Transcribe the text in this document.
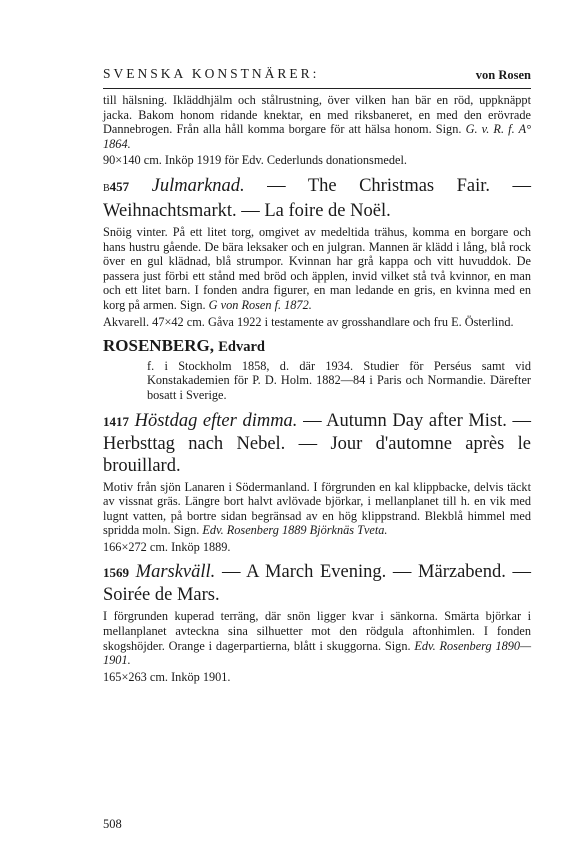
SVENSKA KONSTNÄRER:	von Rosen

till hälsning. Ikläddhjälm och stålrustning, över vilken han bär en röd, uppknäppt jacka. Bakom honom ridande knektar, en med riksbaneret, en med den erövrade Dannebrogen. Från alla håll komma borgare för att hälsa honom. Sign. G. v. R. f. A° 1864.

90×140 cm. Inköp 1919 för Edv. Cederlunds donationsmedel.

B457 Julmarknad. — The Christmas Fair. — Weihnachtsmarkt. — La foire de Noël.

Snöig vinter. På ett litet torg, omgivet av medeltida trähus, komma en borgare och hans hustru gående. De bära leksaker och en julgran. Mannen är klädd i lång, blå rock över en gul klädnad, blå strumpor. Kvinnan har grå kappa och vitt huvuddok. De passera just förbi ett stånd med bröd och äpplen, invid vilket stå två kvinnor, en man och ett litet barn. I fonden andra figurer, en man ledande en gris, en kvinna med en korg på armen. Sign. G von Rosen f. 1872.

Akvarell. 47×42 cm. Gåva 1922 i testamente av grosshandlare och fru E. Österlind.

ROSENBERG, Edvard

f. i Stockholm 1858, d. där 1934. Studier för Perséus samt vid Konstakademien för P. D. Holm. 1882—84 i Paris och Normandie. Därefter bosatt i Sverige.

1417 Höstdag efter dimma. — Autumn Day after Mist. — Herbsttag nach Nebel. — Jour d'automne après le brouillard.

Motiv från sjön Lanaren i Södermanland. I förgrunden en kal klippbacke, delvis täckt av vissnat gräs. Längre bort halvt avlövade björkar, i mellanplanet till h. en vik med lugnt vatten, på bortre sidan begränsad av en hög klippstrand. Blekblå himmel med spridda moln. Sign. Edv. Rosenberg 1889 Björknäs Tveta.

166×272 cm. Inköp 1889.

1569 Marskväll. — A March Evening. — Märzabend. — Soirée de Mars.

I förgrunden kuperad terräng, där snön ligger kvar i sänkorna. Smärta björkar i mellanplanet avteckna sina silhuetter mot den rödgula aftonhimlen. I fonden skogshöjder. Orange i dagerpartierna, blått i skuggorna. Sign. Edv. Rosenberg 1890—1901.

165×263 cm. Inköp 1901.

508
